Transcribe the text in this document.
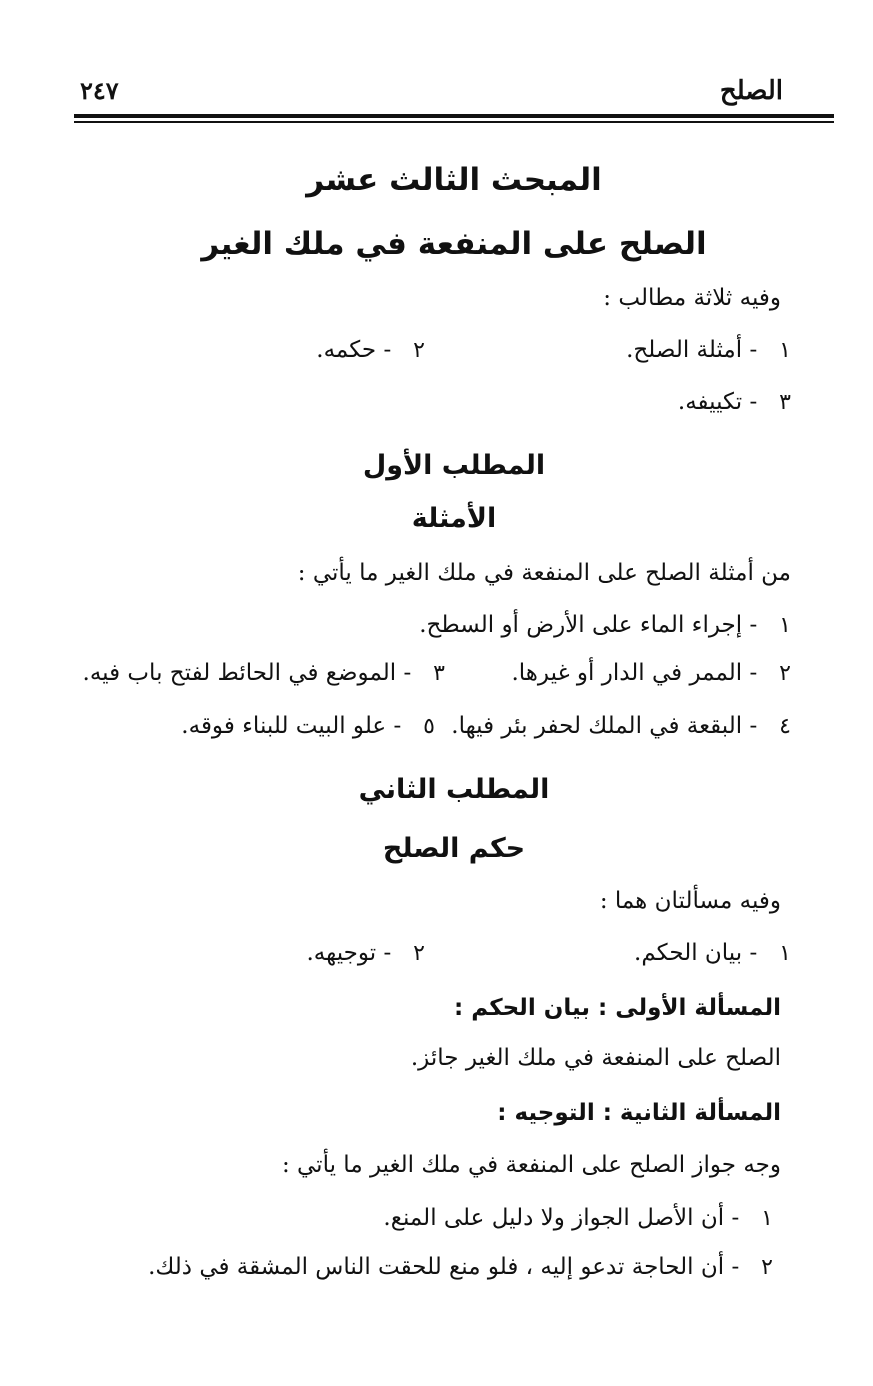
الصلح
٢٤٧
المبحث الثالث عشر
الصلح على المنفعة في ملك الغير
وفيه ثلاثة مطالب :
١   - أمثلة الصلح.
٢   - حكمه.
٣   - تكييفه.
المطلب الأول
الأمثلة
من أمثلة الصلح على المنفعة في ملك الغير ما يأتي :
١   - إجراء الماء على الأرض أو السطح.
٢   - الممر في الدار أو غيرها.
٣   - الموضع في الحائط لفتح باب فيه.
٤   - البقعة في الملك لحفر بئر فيها.
٥   - علو البيت للبناء فوقه.
المطلب الثاني
حكم الصلح
وفيه مسألتان هما :
١   - بيان الحكم.
٢   - توجيهه.
المسألة الأولى : بيان الحكم :
الصلح على المنفعة في ملك الغير جائز.
المسألة الثانية : التوجيه :
وجه جواز الصلح على المنفعة في ملك الغير ما يأتي :
١   - أن الأصل الجواز ولا دليل على المنع.
٢   - أن الحاجة تدعو إليه ، فلو منع للحقت الناس المشقة في ذلك.
